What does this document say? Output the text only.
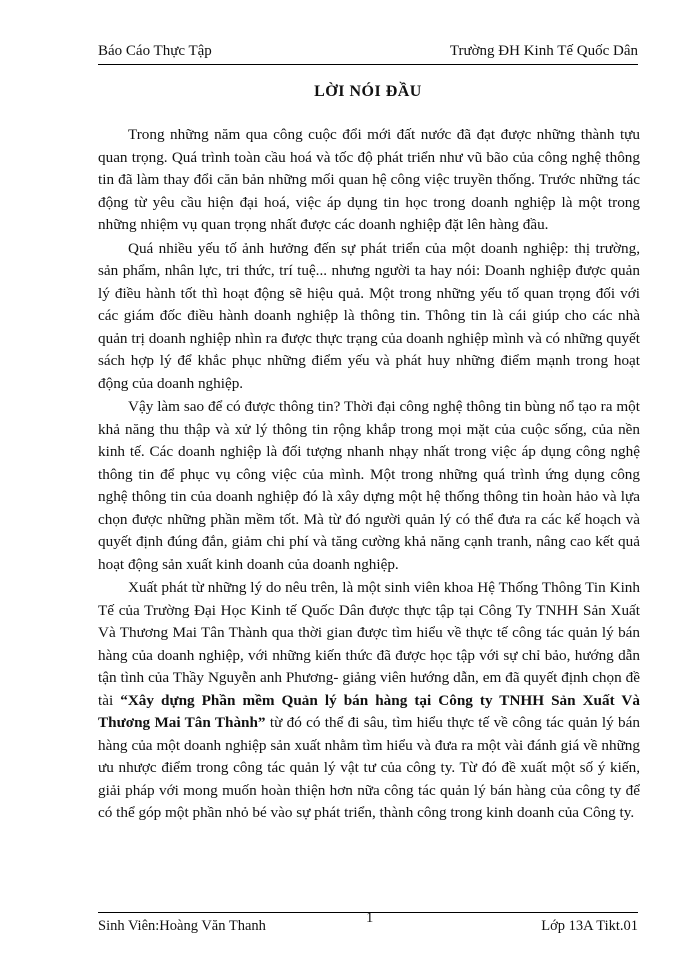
Báo Cáo Thực Tập	Trường ĐH Kinh Tế Quốc Dân
LỜI NÓI ĐẦU

Trong những năm qua công cuộc đổi mới đất nước đã đạt được những thành tựu quan trọng. Quá trình toàn cầu hoá và tốc độ phát triển như vũ bão của công nghệ thông tin đã làm thay đổi căn bản những mối quan hệ công việc truyền thống. Trước những tác động từ yêu cầu hiện đại hoá, việc áp dụng tin học trong doanh nghiệp là một trong những nhiệm vụ quan trọng nhất được các doanh nghiệp đặt lên hàng đầu.

Quá nhiều yếu tố ảnh hưởng đến sự phát triển của một doanh nghiệp: thị trường, sản phẩm, nhân lực, tri thức, trí tuệ... nhưng người ta hay nói: Doanh nghiệp được quản lý điều hành tốt thì hoạt động sẽ hiệu quả. Một trong những yếu tố quan trọng đối với các giám đốc điều hành doanh nghiệp là thông tin. Thông tin là cái giúp cho các nhà quản trị doanh nghiệp nhìn ra được thực trạng của doanh nghiệp mình và có những quyết sách hợp lý để khắc phục những điểm yếu và phát huy những điểm mạnh trong hoạt động của doanh nghiệp.

Vậy làm sao để có được thông tin? Thời đại công nghệ thông tin bùng nổ tạo ra một khả năng thu thập và xử lý thông tin rộng khắp trong mọi mặt của cuộc sống, của nền kinh tế. Các doanh nghiệp là đối tượng nhanh nhạy nhất trong việc áp dụng công nghệ thông tin để phục vụ công việc của mình. Một trong những quá trình ứng dụng công nghệ thông tin của doanh nghiệp đó là xây dựng một hệ thống thông tin hoàn hảo và lựa chọn được những phần mềm tốt. Mà từ đó người quản lý có thể đưa ra các kế hoạch và quyết định đúng đắn, giảm chi phí và tăng cường khả năng cạnh tranh, nâng cao kết quả hoạt động sản xuất kinh doanh của doanh nghiệp.

Xuất phát từ những lý do nêu trên, là một sinh viên khoa Hệ Thống Thông Tin Kinh Tế của Trường Đại Học Kinh tế Quốc Dân được thực tập tại Công Ty TNHH Sản Xuất Và Thương Mai Tân Thành qua thời gian được tìm hiểu về thực tế công tác quản lý bán hàng của doanh nghiệp, với những kiến thức đã được học tập với sự chỉ bảo, hướng dẫn tận tình của Thầy Nguyễn anh Phương- giảng viên hướng dẫn, em đã quyết định chọn đề tài “Xây dựng Phần mềm Quản lý bán hàng tại Công ty TNHH Sản Xuất Và Thương Mai Tân Thành” từ đó có thể đi sâu, tìm hiểu thực tế về công tác quản lý bán hàng của một doanh nghiệp sản xuất nhằm tìm hiểu và đưa ra một vài đánh giá về những ưu nhược điểm trong công tác quản lý vật tư của công ty. Từ đó đề xuất một số ý kiến, giải pháp với mong muốn hoàn thiện hơn nữa công tác quản lý bán hàng của công ty để có thể góp một phần nhỏ bé vào sự phát triển, thành công trong kinh doanh của Công ty.

Sinh Viên:Hoàng Văn Thanh	1	Lớp 13A Tikt.01
